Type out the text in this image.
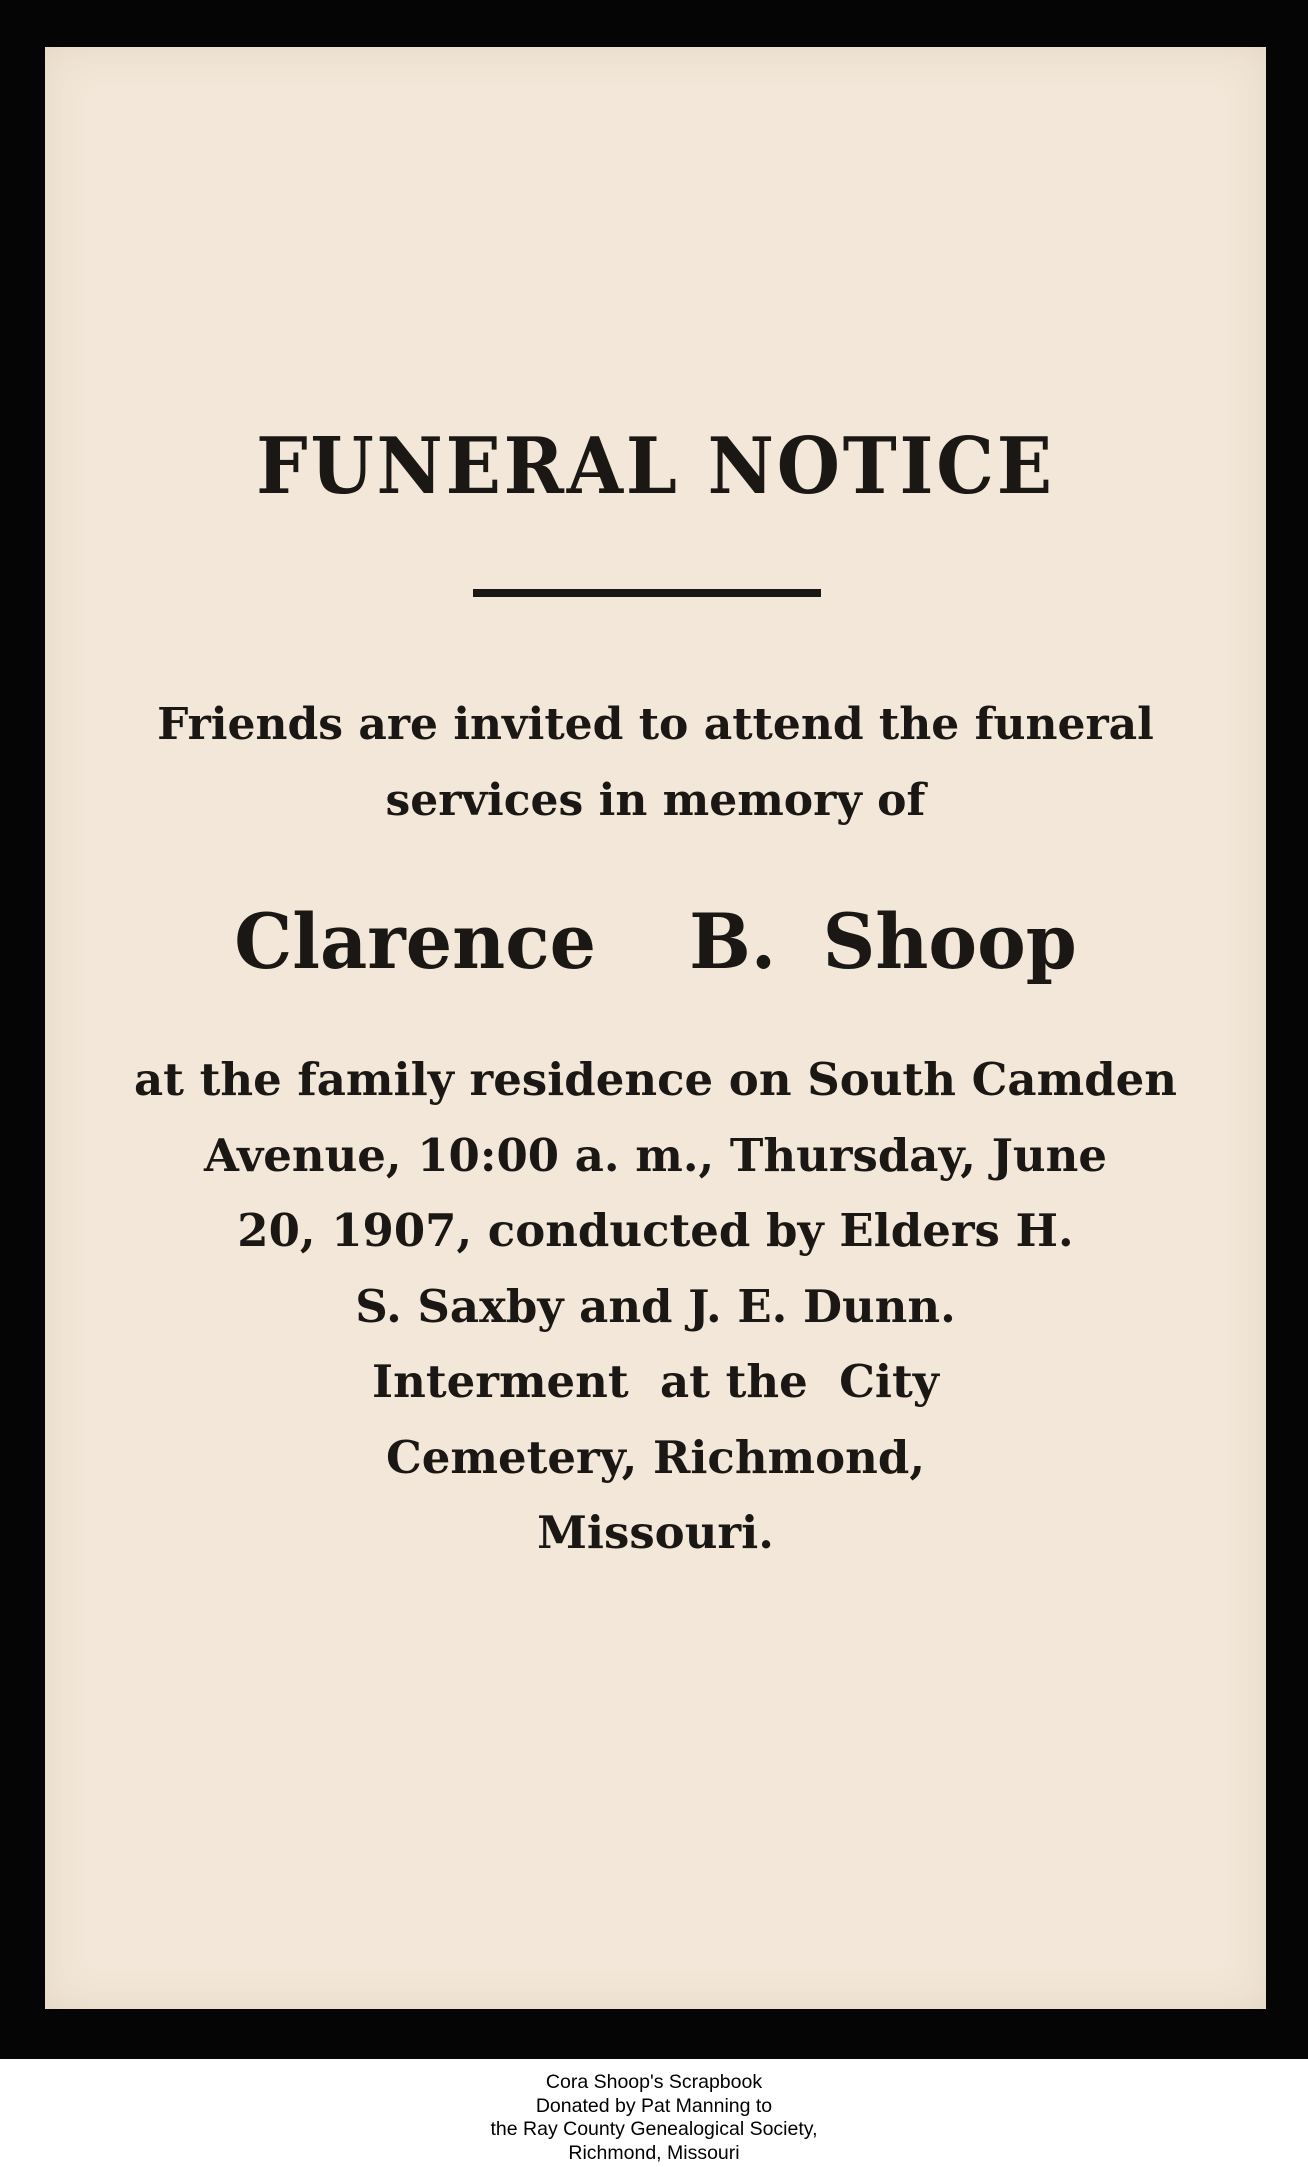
FUNERAL NOTICE
Friends are invited to attend the funeral
services in memory of
Clarence  B. Shoop
at the family residence on South Camden
Avenue, 10:00 a. m., Thursday, June
20, 1907, conducted by Elders H.
S. Saxby and J. E. Dunn.
Interment  at the  City
Cemetery, Richmond,
Missouri.
Cora Shoop's Scrapbook
Donated by Pat Manning to
the Ray County Genealogical Society,
Richmond, Missouri
